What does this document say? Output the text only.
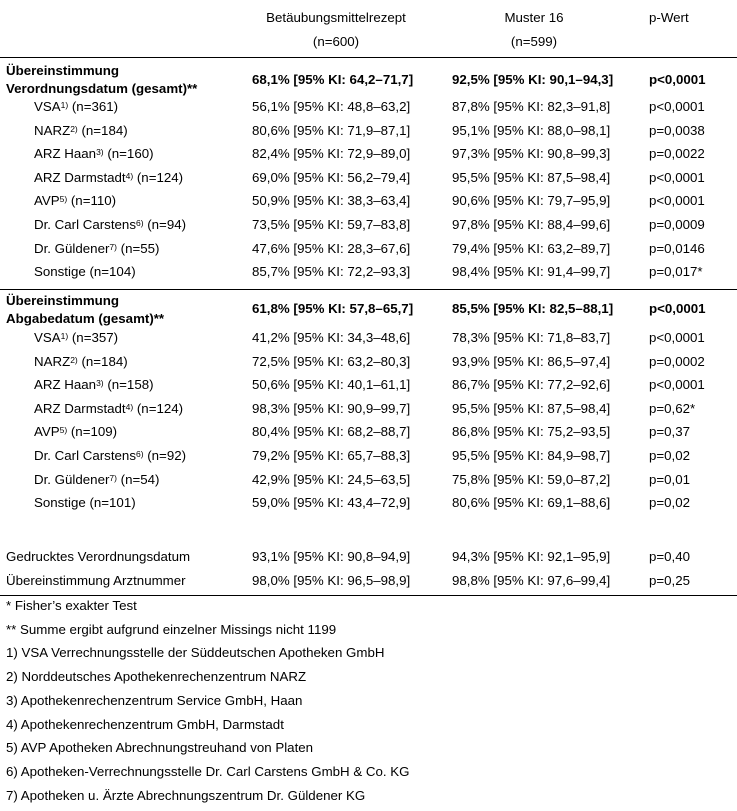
Betäubungsmittelrezept
(n=600)
Muster 16
(n=599)
p-Wert
Übereinstimmung
Verordnungsdatum (gesamt)**
68,1% [95% KI: 64,2–71,7]	92,5% [95% KI: 90,1–94,3]	p<0,0001
VSA$^{1)}$ (n=361)	56,1% [95% KI: 48,8–63,2]	87,8% [95% KI: 82,3–91,8]	p<0,0001
NARZ$^{2)}$ (n=184)	80,6% [95% KI: 71,9–87,1]	95,1% [95% KI: 88,0–98,1]	p=0,0038
ARZ Haan$^{3)}$ (n=160)	82,4% [95% KI: 72,9–89,0]	97,3% [95% KI: 90,8–99,3]	p=0,0022
ARZ Darmstadt$^{4)}$ (n=124)	69,0% [95% KI: 56,2–79,4]	95,5% [95% KI: 87,5–98,4]	p<0,0001
AVP$^{5)}$ (n=110)	50,9% [95% KI: 38,3–63,4]	90,6% [95% KI: 79,7–95,9]	p<0,0001
Dr. Carl Carstens$^{6)}$ (n=94)	73,5% [95% KI: 59,7–83,8]	97,8% [95% KI: 88,4–99,6]	p=0,0009
Dr. Güldener$^{7)}$ (n=55)	47,6% [95% KI: 28,3–67,6]	79,4% [95% KI: 63,2–89,7]	p=0,0146
Sonstige (n=104)	85,7% [95% KI: 72,2–93,3]	98,4% [95% KI: 91,4–99,7]	p=0,017*
Übereinstimmung
Abgabedatum (gesamt)**
61,8% [95% KI: 57,8–65,7]	85,5% [95% KI: 82,5–88,1]	p<0,0001
VSA$^{1)}$ (n=357)	41,2% [95% KI: 34,3–48,6]	78,3% [95% KI: 71,8–83,7]	p<0,0001
NARZ$^{2)}$ (n=184)	72,5% [95% KI: 63,2–80,3]	93,9% [95% KI: 86,5–97,4]	p=0,0002
ARZ Haan$^{3)}$ (n=158)	50,6% [95% KI: 40,1–61,1]	86,7% [95% KI: 77,2–92,6]	p<0,0001
ARZ Darmstadt$^{4)}$ (n=124)	98,3% [95% KI: 90,9–99,7]	95,5% [95% KI: 87,5–98,4]	p=0,62*
AVP$^{5)}$ (n=109)	80,4% [95% KI: 68,2–88,7]	86,8% [95% KI: 75,2–93,5]	p=0,37
Dr. Carl Carstens$^{6)}$ (n=92)	79,2% [95% KI: 65,7–88,3]	95,5% [95% KI: 84,9–98,7]	p=0,02
Dr. Güldener$^{7)}$ (n=54)	42,9% [95% KI: 24,5–63,5]	75,8% [95% KI: 59,0–87,2]	p=0,01
Sonstige (n=101)	59,0% [95% KI: 43,4–72,9]	80,6% [95% KI: 69,1–88,6]	p=0,02
Gedrucktes Verordnungsdatum	93,1% [95% KI: 90,8–94,9]	94,3% [95% KI: 92,1–95,9]	p=0,40
Übereinstimmung Arztnummer	98,0% [95% KI: 96,5–98,9]	98,8% [95% KI: 97,6–99,4]	p=0,25
* Fisher’s exakter Test
** Summe ergibt aufgrund einzelner Missings nicht 1199
1) VSA Verrechnungsstelle der Süddeutschen Apotheken GmbH
2) Norddeutsches Apothekenrechenzentrum NARZ
3) Apothekenrechenzentrum Service GmbH, Haan
4) Apothekenrechenzentrum GmbH, Darmstadt
5) AVP Apotheken Abrechnungstreuhand von Platen
6) Apotheken-Verrechnungsstelle Dr. Carl Carstens GmbH & Co. KG
7) Apotheken u. Ärzte Abrechnungszentrum Dr. Güldener KG
